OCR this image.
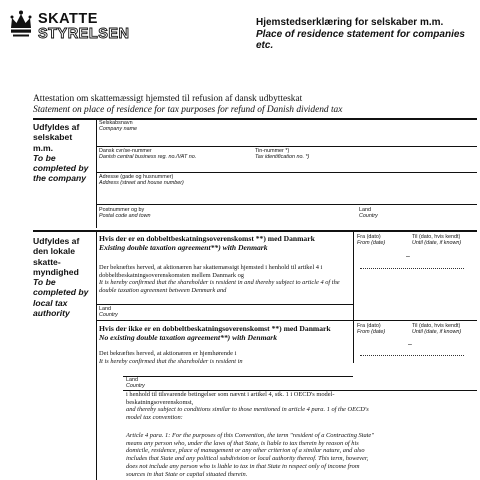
SKATTE
STYRELSEN
Hjemstedserklæring for selskaber m.m.
Place of residence statement for companies etc.
Attestation om skattemæssigt hjemsted til refusion af dansk udbytteskat
Statement on place of residence for tax purposes for refund of Danish dividend tax
Udfyldes af selskabet m.m.
To be completed by the company
Selskabsnavn
Company name
Dansk cvr/se-nummer
Danish central business reg. no./VAT no.
Tin-nummer *)
Tax identification no. *)
Adresse (gade og husnummer)
Address (street and house number)
Postnummer og by
Postal code and town
Land
Country
Udfyldes af den lokale skatte-myndighed
To be completed by local tax authority
Hvis der er en dobbeltbeskatningsoverenskomst **) med Danmark
Existing double taxation agreement**) with Denmark
Der bekræftes herved, at aktionæren har skattemæssigt hjemsted i henhold til artikel 4 i dobbeltbeskatningsoverenskomsten mellem Danmark og
It is hereby confirmed that the shareholder is resident in and thereby subject to article 4 of the double taxation agreement between Denmark and
Fra (dato)
From (date)
Til (dato, hvis kendt)
Until (date, if known)
–
Land
Country
Hvis der ikke er en dobbeltbeskatningsoverenskomst **) med Danmark
No existing double taxation agreement**) with Denmark
Fra (dato)
From (date)
Til (dato, hvis kendt)
Until (date, if known)
–
Det bekræftes herved, at aktionæren er hjemhørende i
It is hereby confirmed that the shareholder is resident in
Land
Country
i henhold til tilsvarende betingelser som nævnt i artikel 4, stk. 1 i OECD's model-beskatningsoverenskomst,
and thereby subject to conditions similar to those mentioned in article 4 para. 1 of the OECD's model tax convention:
Article 4 para. 1: For the purposes of this Convention, the term "resident of a Contracting State" means any person who, under the laws of that State, is liable to tax therein by reason of his domicile, residence, place of management or any other criterion of a similar nature, and also includes that State and any political subdivision or local authority thereof. This term, however, does not include any person who is liable to tax in that State in respect only of income from sources in that State or capital situated therein.
